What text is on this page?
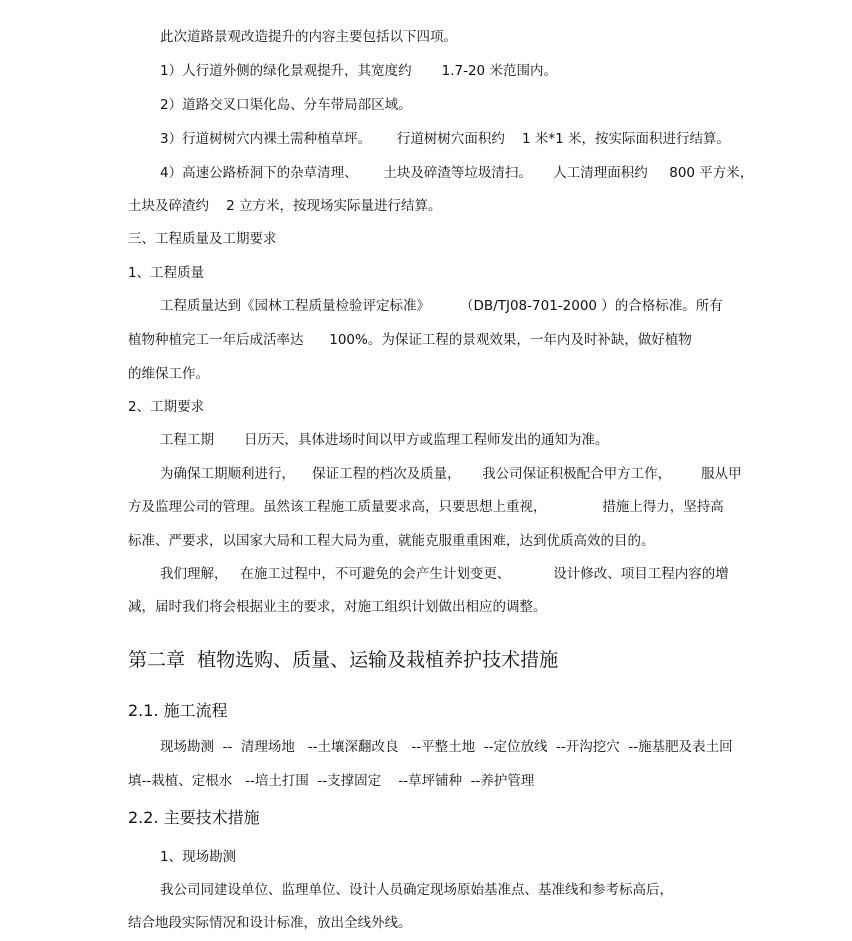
此次道路景观改造提升的内容主要包括以下四项。

1）人行道外侧的绿化景观提升，其宽度约       1.7-20 米范围内。

2）道路交叉口渠化岛、分车带局部区域。

3）行道树树穴内裸土需种植草坪。      行道树树穴面积约    1 米*1 米，按实际面积进行结算。

4）高速公路桥洞下的杂草清理、      土块及碎渣等垃圾清扫。     人工清理面积约     800 平方米，

土块及碎渣约    2 立方米，按现场实际量进行结算。

三、工程质量及工期要求

1、工程质量

工程质量达到《园林工程质量检验评定标准》       （DB/TJ08-701-2000 ）的合格标准。所有

植物种植完工一年后成活率达      100%。为保证工程的景观效果，一年内及时补缺，做好植物

的维保工作。

2、工期要求

工程工期       日历天，具体进场时间以甲方或监理工程师发出的通知为准。

为确保工期顺利进行，    保证工程的档次及质量，     我公司保证积极配合甲方工作，       服从甲

方及监理公司的管理。虽然该工程施工质量要求高，只要思想上重视，             措施上得力，坚持高

标准、严要求，以国家大局和工程大局为重，就能克服重重困难，达到优质高效的目的。

我们理解，   在施工过程中，不可避免的会产生计划变更、          设计修改、项目工程内容的增

减，届时我们将会根据业主的要求，对施工组织计划做出相应的调整。

第二章  植物选购、质量、运输及栽植养护技术措施

2.1. 施工流程

现场勘测  --  清理场地   --土壤深翻改良   --平整土地  --定位放线  --开沟挖穴  --施基肥及表土回

填--栽植、定根水   --培土打围  --支撑固定    --草坪铺种  --养护管理

2.2. 主要技术措施

1、现场勘测

我公司同建设单位、监理单位、设计人员确定现场原始基准点、基准线和参考标高后，

结合地段实际情况和设计标准，放出全线外线。
